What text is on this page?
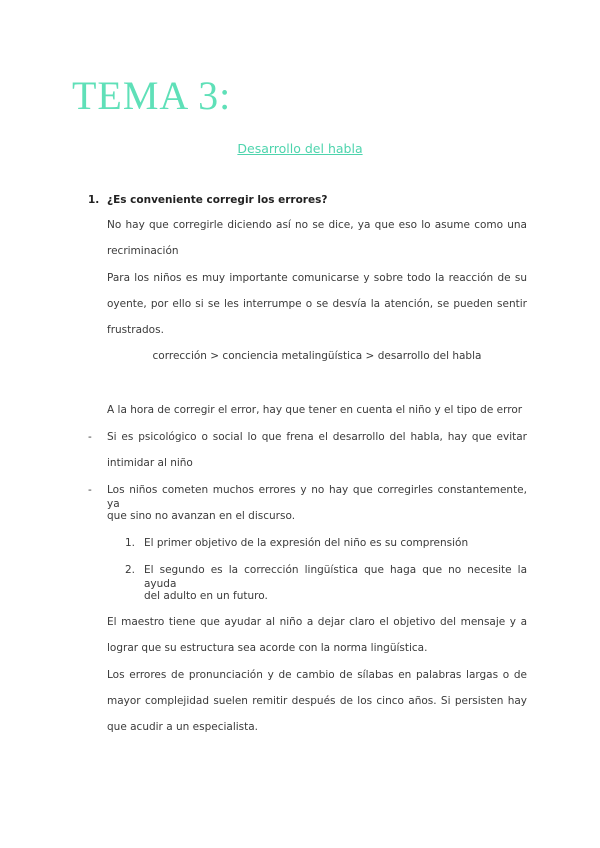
TEMA 3:

Desarrollo del habla

1. ¿Es conveniente corregir los errores?
No hay que corregirle diciendo así no se dice, ya que eso lo asume como una
recriminación
Para los niños es muy importante comunicarse y sobre todo la reacción de su
oyente, por ello si se les interrumpe o se desvía la atención, se pueden sentir
frustrados.
corrección > conciencia metalingüística > desarrollo del habla
A la hora de corregir el error, hay que tener en cuenta el niño y el tipo de error
- Si es psicológico o social lo que frena el desarrollo del habla, hay que evitar
intimidar al niño
- Los niños cometen muchos errores y no hay que corregirles constantemente, ya
que sino no avanzan en el discurso.
1. El primer objetivo de la expresión del niño es su comprensión
2. El segundo es la corrección lingüística que haga que no necesite la ayuda
del adulto en un futuro.
El maestro tiene que ayudar al niño a dejar claro el objetivo del mensaje y a
lograr que su estructura sea acorde con la norma lingüística.
Los errores de pronunciación y de cambio de sílabas en palabras largas o de
mayor complejidad suelen remitir después de los cinco años. Si persisten hay
que acudir a un especialista.
